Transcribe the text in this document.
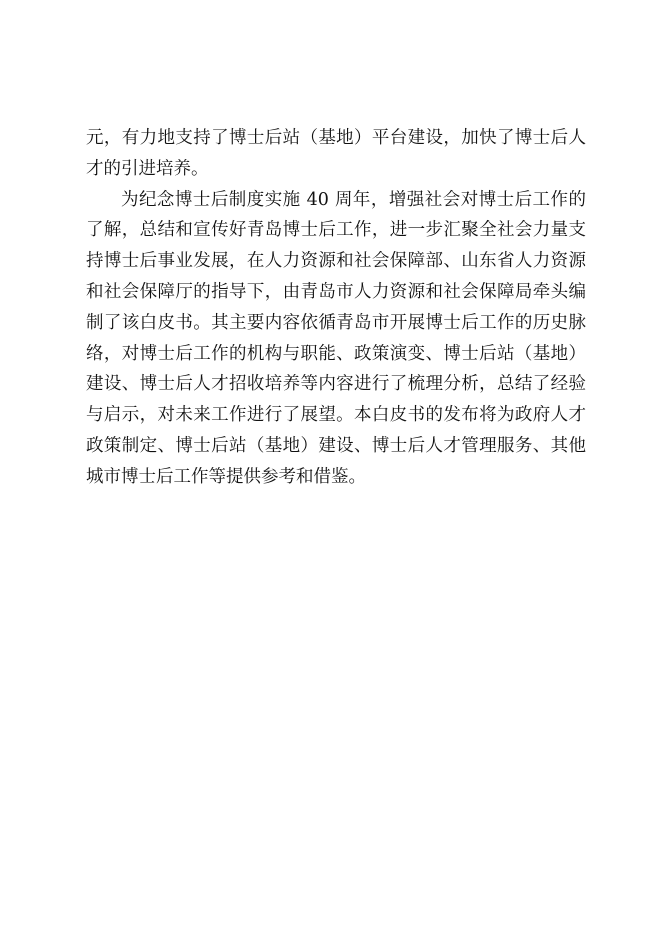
元，有力地支持了博士后站（基地）平台建设，加快了博士后人
才的引进培养。
为纪念博士后制度实施 40 周年，增强社会对博士后工作的
了解，总结和宣传好青岛博士后工作，进一步汇聚全社会力量支
持博士后事业发展，在人力资源和社会保障部、山东省人力资源
和社会保障厅的指导下，由青岛市人力资源和社会保障局牵头编
制了该白皮书。其主要内容依循青岛市开展博士后工作的历史脉
络，对博士后工作的机构与职能、政策演变、博士后站（基地）
建设、博士后人才招收培养等内容进行了梳理分析，总结了经验
与启示，对未来工作进行了展望。本白皮书的发布将为政府人才
政策制定、博士后站（基地）建设、博士后人才管理服务、其他
城市博士后工作等提供参考和借鉴。
